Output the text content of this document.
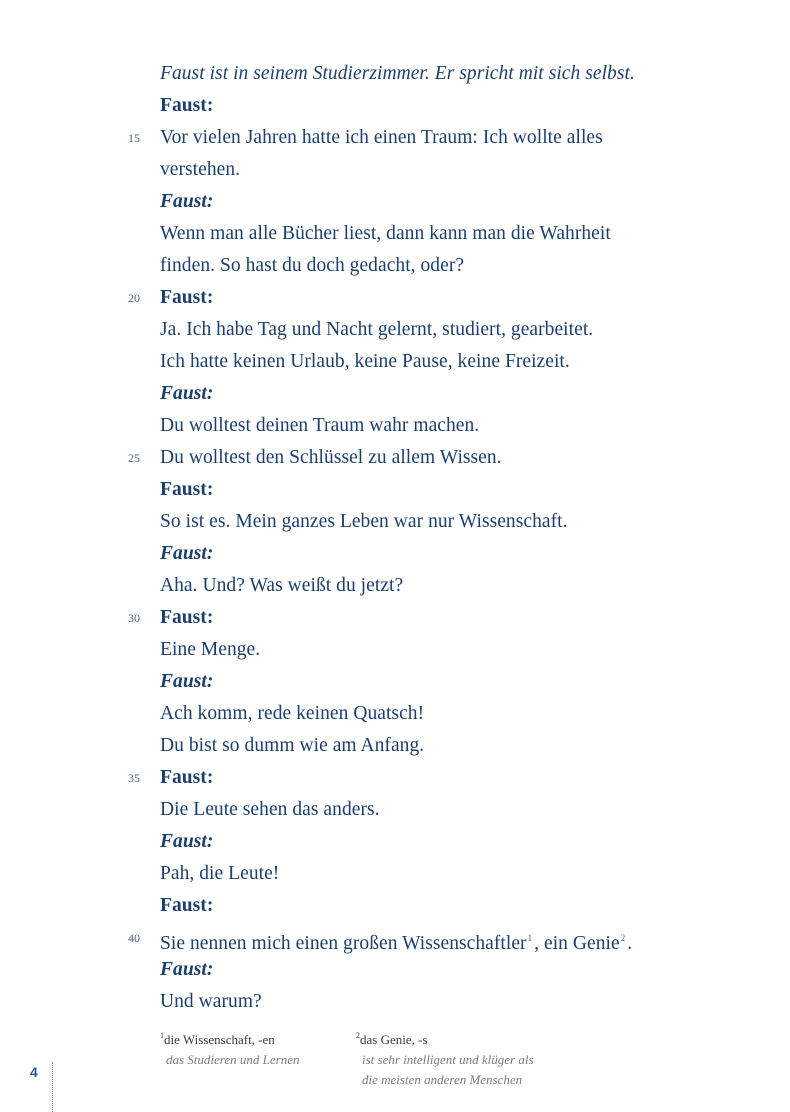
Faust ist in seinem Studierzimmer. Er spricht mit sich selbst.
Faust:
Vor vielen Jahren hatte ich einen Traum: Ich wollte alles
verstehen.
Faust:
Wenn man alle Bücher liest, dann kann man die Wahrheit
finden. So hast du doch gedacht, oder?
Faust:
Ja. Ich habe Tag und Nacht gelernt, studiert, gearbeitet.
Ich hatte keinen Urlaub, keine Pause, keine Freizeit.
Faust:
Du wolltest deinen Traum wahr machen.
Du wolltest den Schlüssel zu allem Wissen.
Faust:
So ist es. Mein ganzes Leben war nur Wissenschaft.
Faust:
Aha. Und? Was weißt du jetzt?
Faust:
Eine Menge.
Faust:
Ach komm, rede keinen Quatsch!
Du bist so dumm wie am Anfang.
Faust:
Die Leute sehen das anders.
Faust:
Pah, die Leute!
Faust:
Sie nennen mich einen großen Wissenschaftler$^1$ , ein Genie$^2$ .
Faust:
Und warum?
15
20
25
30
35
40
$^1$die Wissenschaft, -en
das Studieren und Lernen
$^2$das Genie, -s
ist sehr intelligent und klüger als
die meisten anderen Menschen
4
